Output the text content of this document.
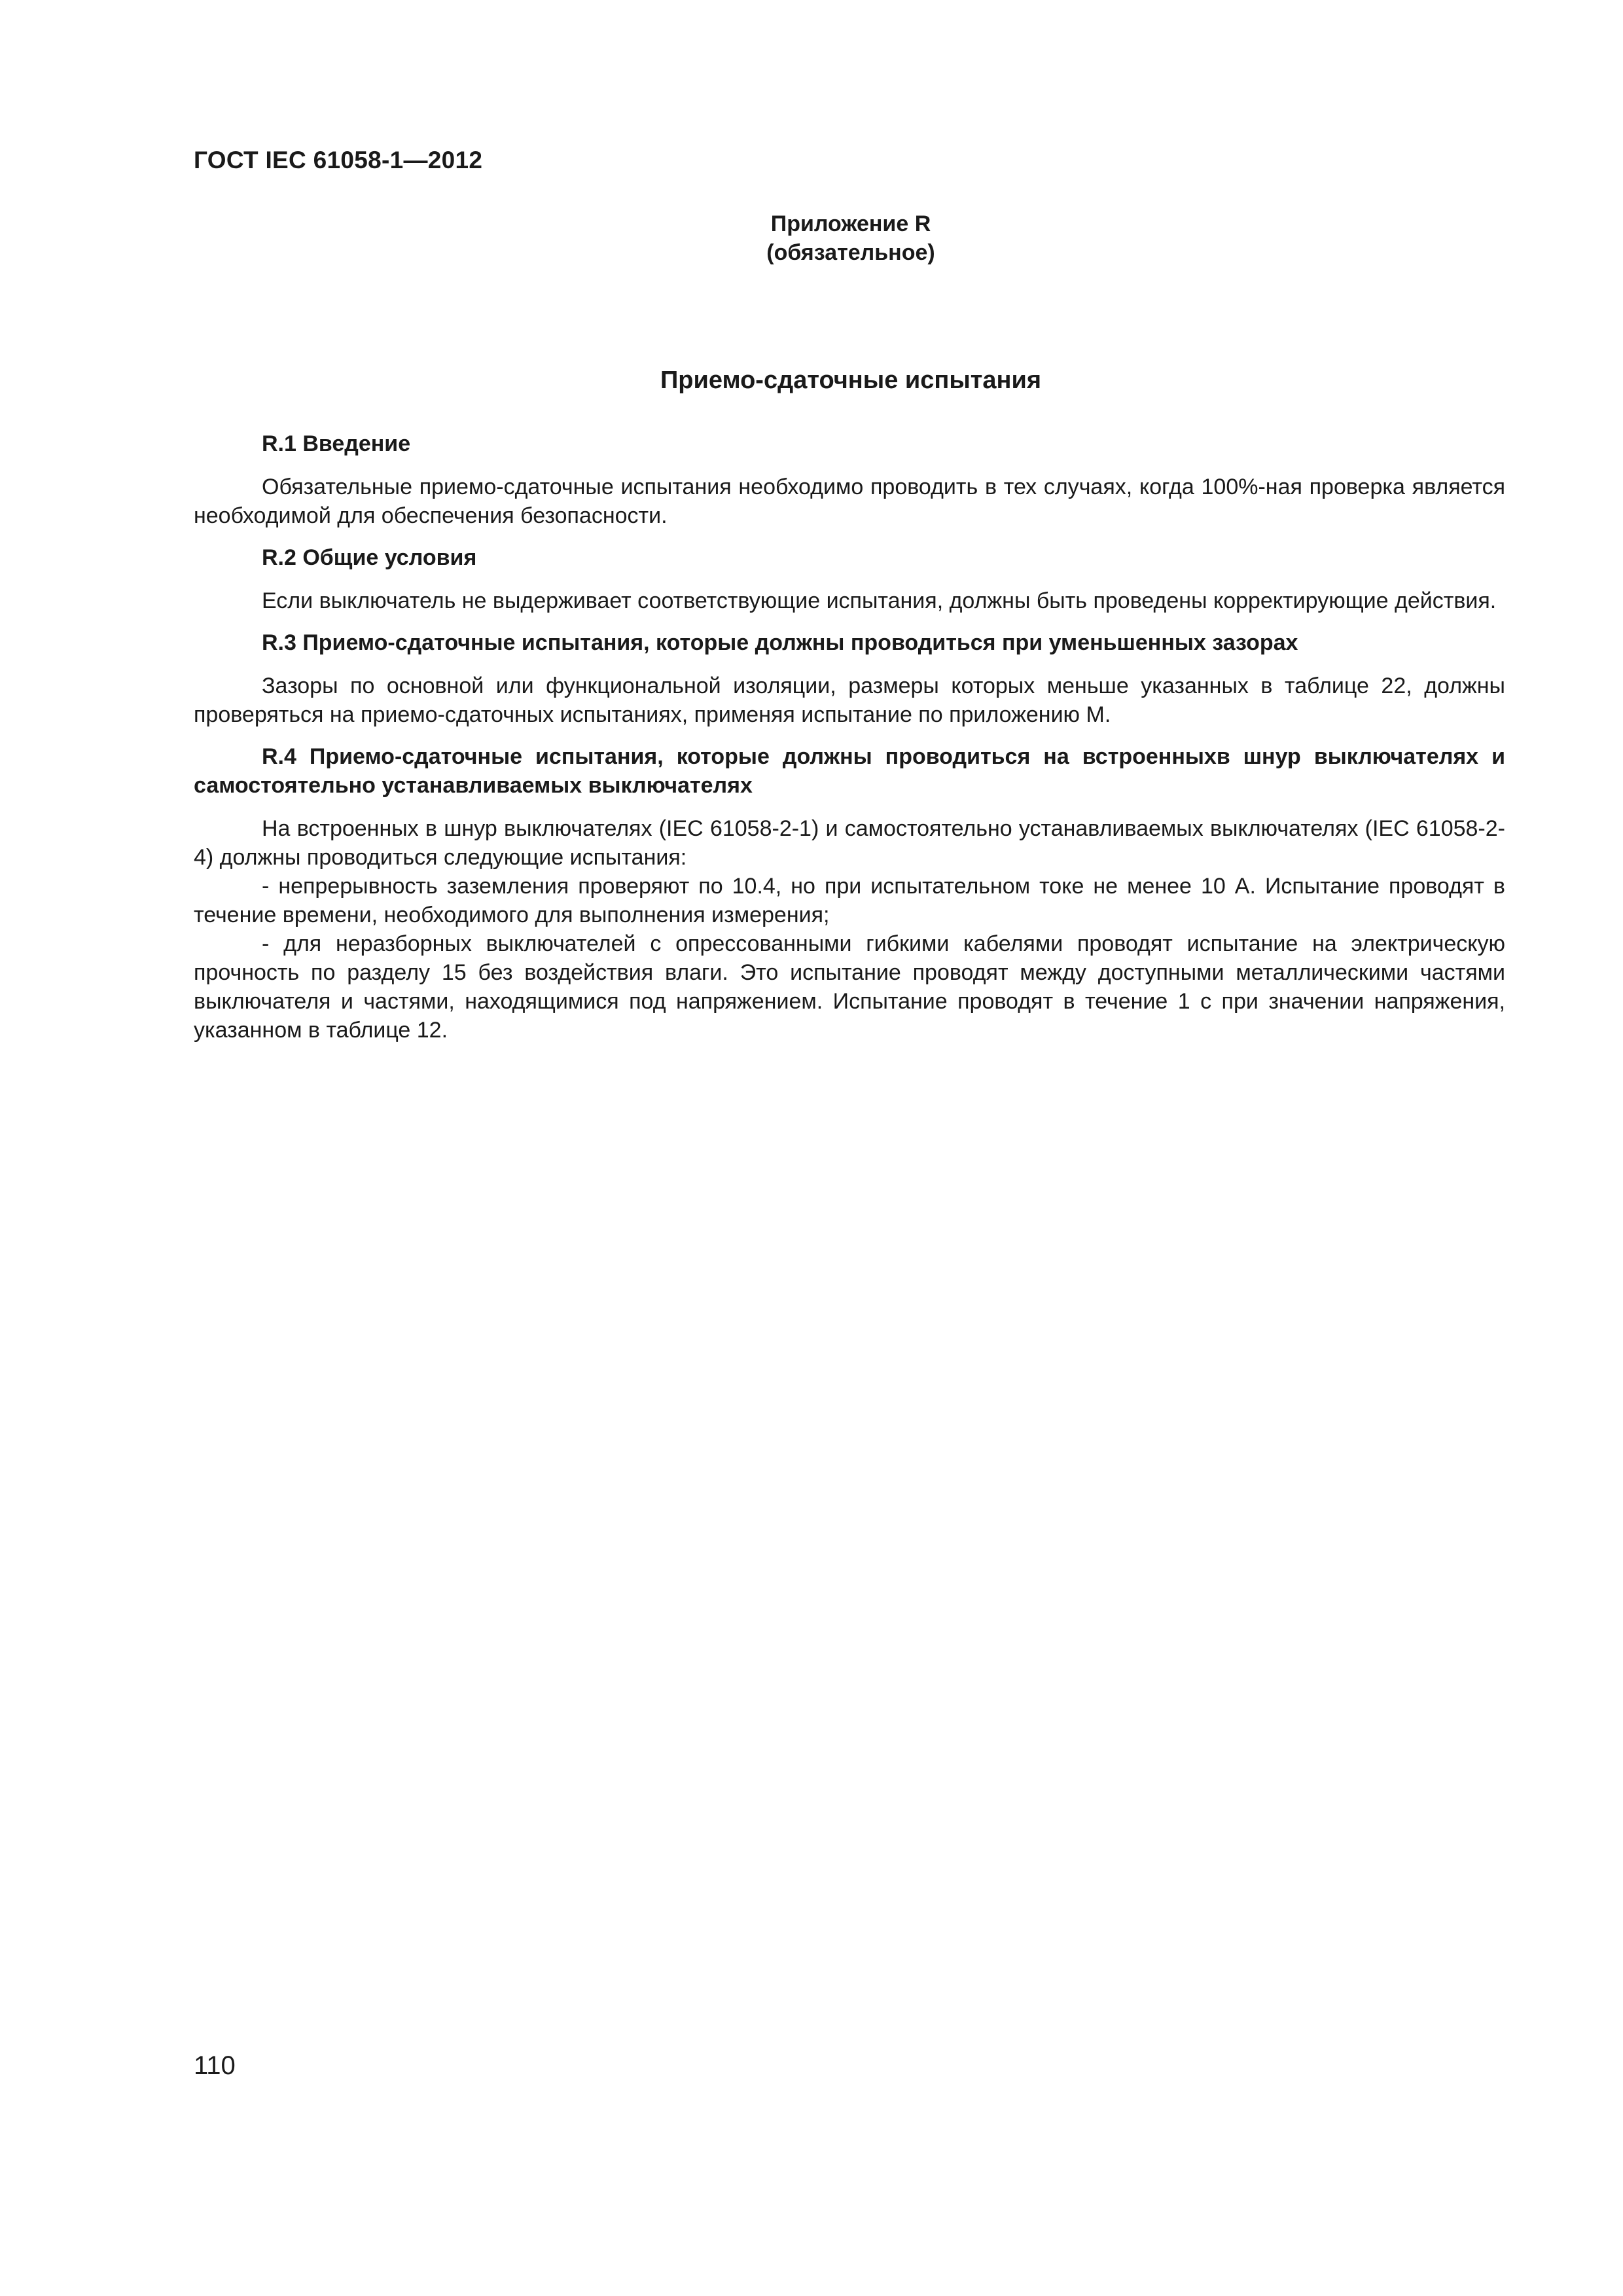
ГОСТ IEC 61058-1—2012
Приложение R
(обязательное)
Приемо-сдаточные испытания
R.1 Введение
Обязательные приемо-сдаточные испытания необходимо проводить в тех случаях, когда 100%-ная проверка является необходимой для обеспечения безопасности.
R.2 Общие условия
Если выключатель не выдерживает соответствующие испытания, должны быть проведены корректирующие действия.
R.3 Приемо-сдаточные испытания, которые должны проводиться при уменьшенных зазорах
Зазоры по основной или функциональной изоляции, размеры которых меньше указанных в таблице 22, должны проверяться на приемо-сдаточных испытаниях, применяя испытание по приложению М.
R.4 Приемо-сдаточные испытания, которые должны проводиться на встроенныхв шнур выключателях и самостоятельно устанавливаемых выключателях
На встроенных в шнур выключателях (IEC 61058-2-1) и самостоятельно устанавливаемых выключателях (IEC 61058-2-4) должны проводиться следующие испытания:
- непрерывность заземления проверяют по 10.4, но при испытательном токе не менее 10 А. Испытание проводят в течение времени, необходимого для выполнения измерения;
- для неразборных выключателей с опрессованными гибкими кабелями проводят испытание на электрическую прочность по разделу 15 без воздействия влаги. Это испытание проводят между доступными металлическими частями выключателя и частями, находящимися под напряжением. Испытание проводят в течение 1 с при значении напряжения, указанном в таблице 12.
110
